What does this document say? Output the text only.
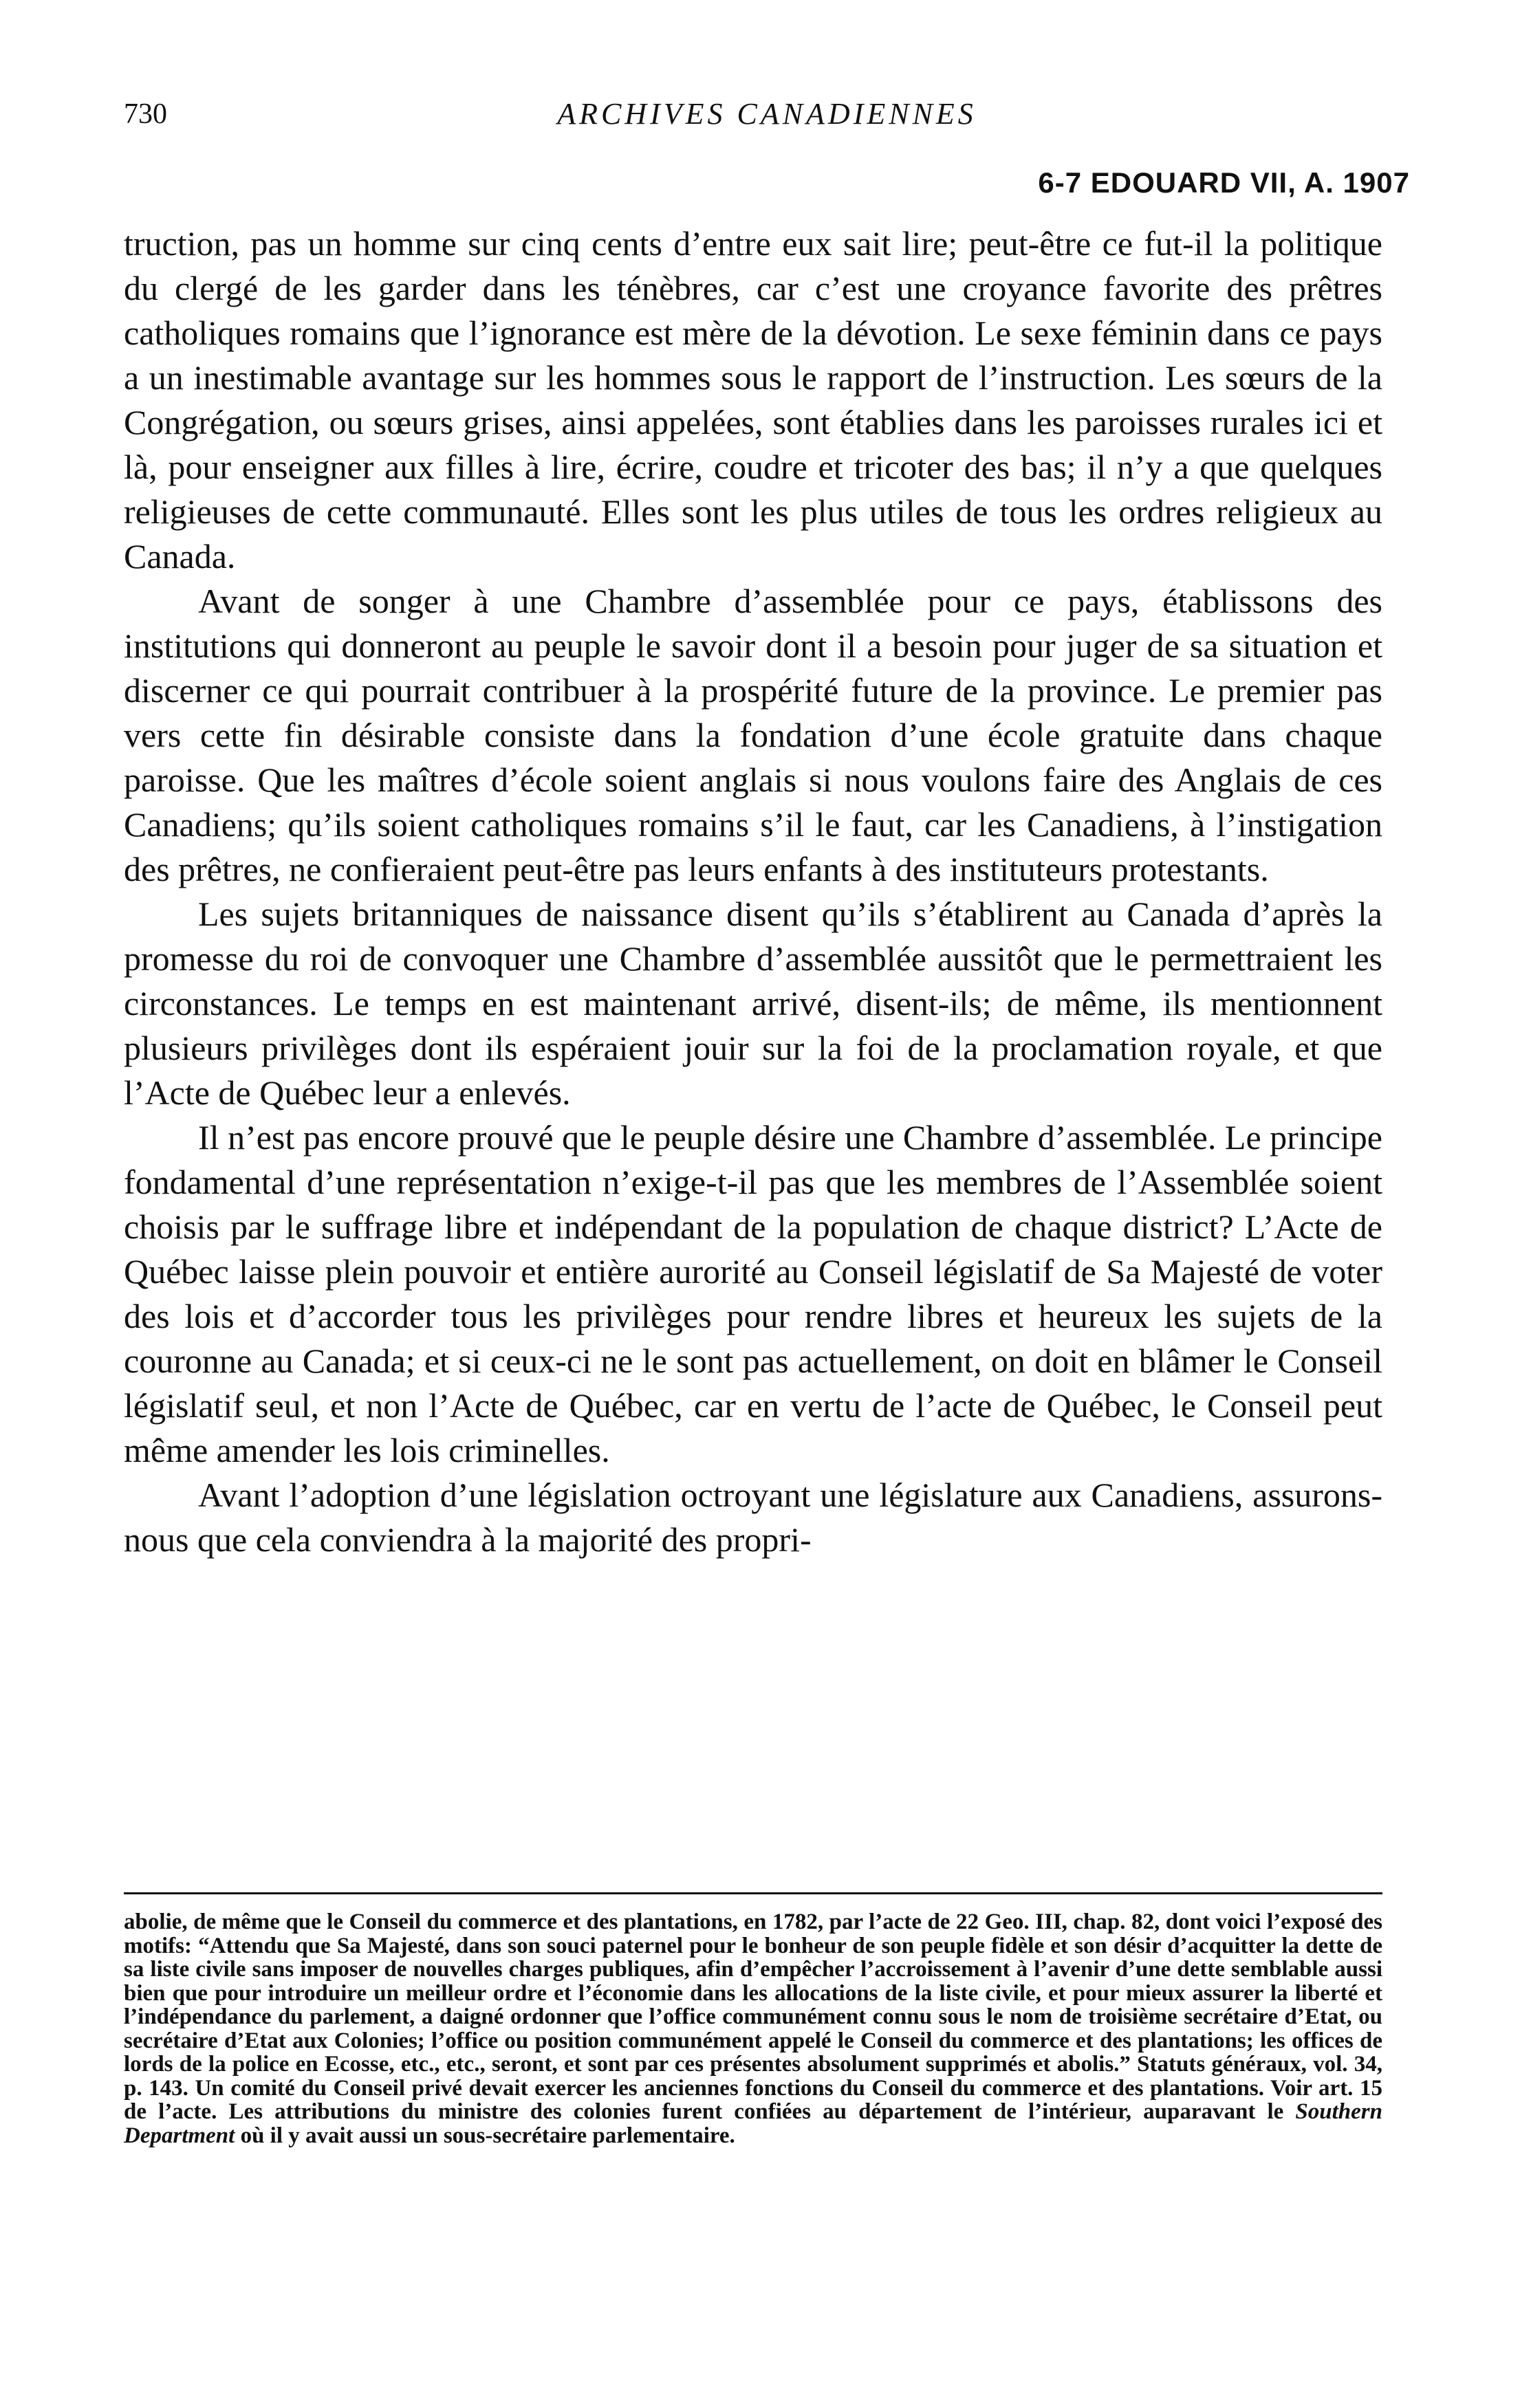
730	ARCHIVES CANADIENNES
6-7 EDOUARD VII, A. 1907

truction, pas un homme sur cinq cents d’entre eux sait lire; peut-être ce fut-il la politique du clergé de les garder dans les ténèbres, car c’est une croyance favorite des prêtres catholiques romains que l’ignorance est mère de la dévotion. Le sexe féminin dans ce pays a un inestimable avantage sur les hommes sous le rapport de l’instruction. Les sœurs de la Congrégation, ou sœurs grises, ainsi appelées, sont établies dans les paroisses rurales ici et là, pour enseigner aux filles à lire, écrire, coudre et tricoter des bas; il n’y a que quelques religieuses de cette communauté. Elles sont les plus utiles de tous les ordres religieux au Canada.

Avant de songer à une Chambre d’assemblée pour ce pays, établissons des institutions qui donneront au peuple le savoir dont il a besoin pour juger de sa situation et discerner ce qui pourrait contribuer à la prospérité future de la province. Le premier pas vers cette fin désirable consiste dans la fondation d’une école gratuite dans chaque paroisse. Que les maîtres d’école soient anglais si nous voulons faire des Anglais de ces Canadiens; qu’ils soient catholiques romains s’il le faut, car les Canadiens, à l’instigation des prêtres, ne confieraient peut-être pas leurs enfants à des instituteurs protestants.

Les sujets britanniques de naissance disent qu’ils s’établirent au Canada d’après la promesse du roi de convoquer une Chambre d’assemblée aussitôt que le permettraient les circonstances. Le temps en est maintenant arrivé, disent-ils; de même, ils mentionnent plusieurs privilèges dont ils espéraient jouir sur la foi de la proclamation royale, et que l’Acte de Québec leur a enlevés.

Il n’est pas encore prouvé que le peuple désire une Chambre d’assemblée. Le principe fondamental d’une représentation n’exige-t-il pas que les membres de l’Assemblée soient choisis par le suffrage libre et indépendant de la population de chaque district? L’Acte de Québec laisse plein pouvoir et entière aurorité au Conseil législatif de Sa Majesté de voter des lois et d’accorder tous les privilèges pour rendre libres et heureux les sujets de la couronne au Canada; et si ceux-ci ne le sont pas actuellement, on doit en blâmer le Conseil législatif seul, et non l’Acte de Québec, car en vertu de l’acte de Québec, le Conseil peut même amender les lois criminelles.

Avant l’adoption d’une législation octroyant une législature aux Canadiens, assurons-nous que cela conviendra à la majorité des propri-

abolie, de même que le Conseil du commerce et des plantations, en 1782, par l’acte de 22 Geo. III, chap. 82, dont voici l’exposé des motifs: “Attendu que Sa Majesté, dans son souci paternel pour le bonheur de son peuple fidèle et son désir d’acquitter la dette de sa liste civile sans imposer de nouvelles charges publiques, afin d’empêcher l’accroissement à l’avenir d’une dette semblable aussi bien que pour introduire un meilleur ordre et l’économie dans les allocations de la liste civile, et pour mieux assurer la liberté et l’indépendance du parlement, a daigné ordonner que l’office communément connu sous le nom de troisième secrétaire d’Etat, ou secrétaire d’Etat aux Colonies; l’office ou position communément appelé le Conseil du commerce et des plantations; les offices de lords de la police en Ecosse, etc., etc., seront, et sont par ces présentes absolument supprimés et abolis.” Statuts généraux, vol. 34, p. 143. Un comité du Conseil privé devait exercer les anciennes fonctions du Conseil du commerce et des plantations. Voir art. 15 de l’acte. Les attributions du ministre des colonies furent confiées au département de l’intérieur, auparavant le Southern Department où il y avait aussi un sous-secrétaire parlementaire.
